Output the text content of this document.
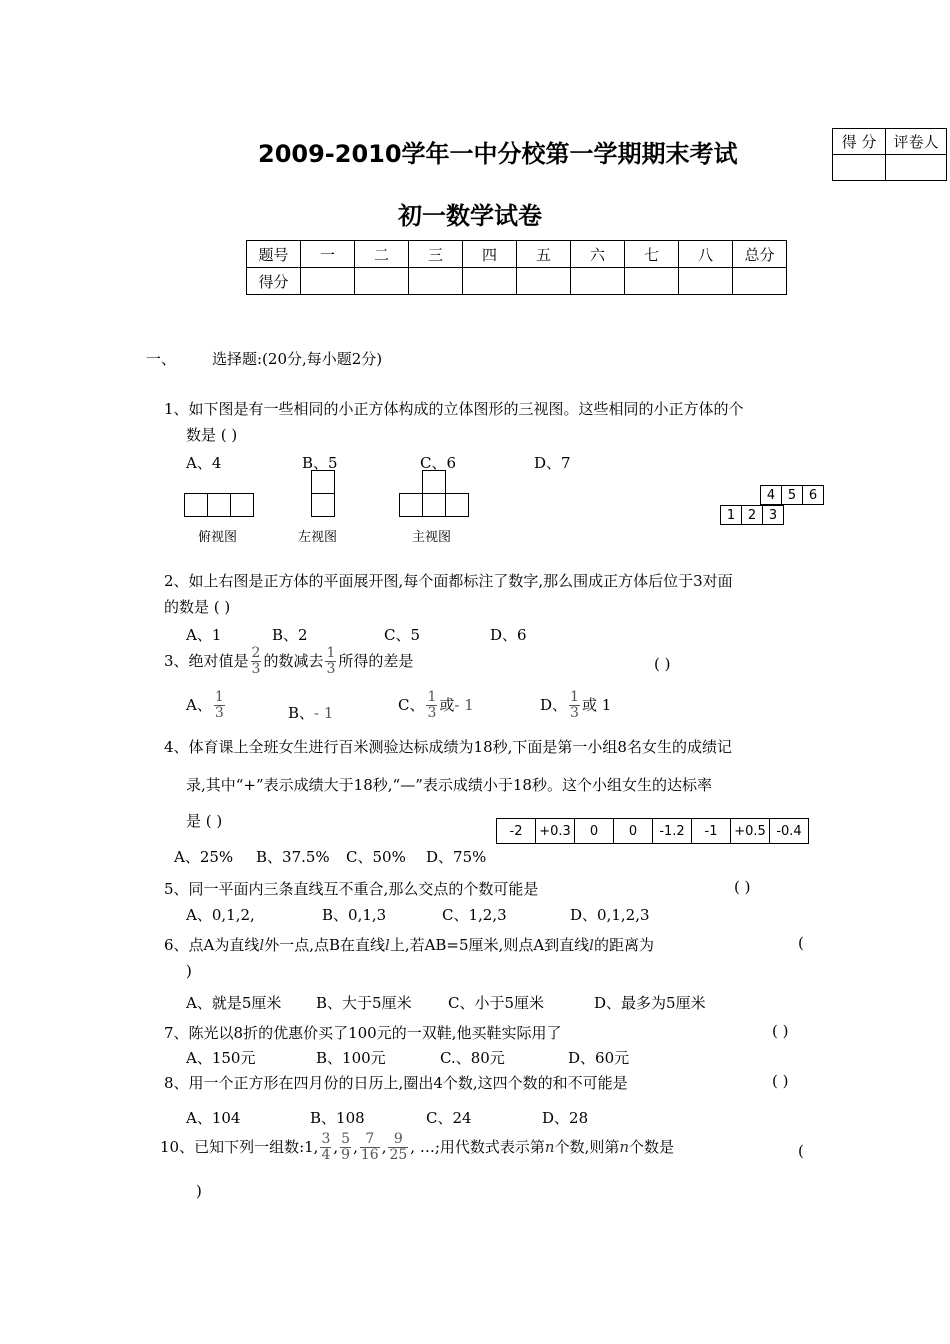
得 分	评卷人

2009-2010学年一中分校第一学期期末考试
初一数学试卷
题号	一	二	三	四	五	六	七	八	总分
得分									
一、 选择题:(20分,每小题2分)
1、如下图是有一些相同的小正方体构成的立体图形的三视图。这些相同的小正方体的个
数是 ( )
A、4	B、5	C、6	D、7
俯视图	左视图	主视图
4	5	6
1	2	3
2、如上右图是正方体的平面展开图,每个面都标注了数字,那么围成正方体后位于3对面
的数是 ( )
A、1	B、2	C、5	D、6
3、绝对值是 $\frac{2}{3}$ 的数减去 $\frac{1}{3}$ 所得的差是	( )
A、 $\frac{1}{3}$	B、- 1	C、 $\frac{1}{3}$ 或- 1	D、 $\frac{1}{3}$ 或 1
4、体育课上全班女生进行百米测验达标成绩为18秒,下面是第一小组8名女生的成绩记
录,其中“+”表示成绩大于18秒,“—”表示成绩小于18秒。这个小组女生的达标率
是 ( )
-2	+0.3	0	0	-1.2	-1	+0.5	-0.4
A、25% B、37.5% C、50% D、75%
5、同一平面内三条直线互不重合,那么交点的个数可能是	( )
A、0,1,2,	B、0,1,3	C、1,2,3	D、0,1,2,3
6、点A为直线l外一点,点B在直线l上,若AB=5厘米,则点A到直线l的距离为	(
)
A、就是5厘米 B、大于5厘米 C、小于5厘米	D、最多为5厘米
7、陈光以8折的优惠价买了100元的一双鞋,他买鞋实际用了	( )
A、150元	B、100元	C.、80元	D、60元
8、用一个正方形在四月份的日历上,圈出4个数,这四个数的和不可能是	( )
A、104	B、108	C、24	D、28
10、已知下列一组数:1, $\frac{3}{4}$ , $\frac{5}{9}$ , $\frac{7}{16}$ , $\frac{9}{25}$ , …;用代数式表示第n个数,则第n个数是	(
)
